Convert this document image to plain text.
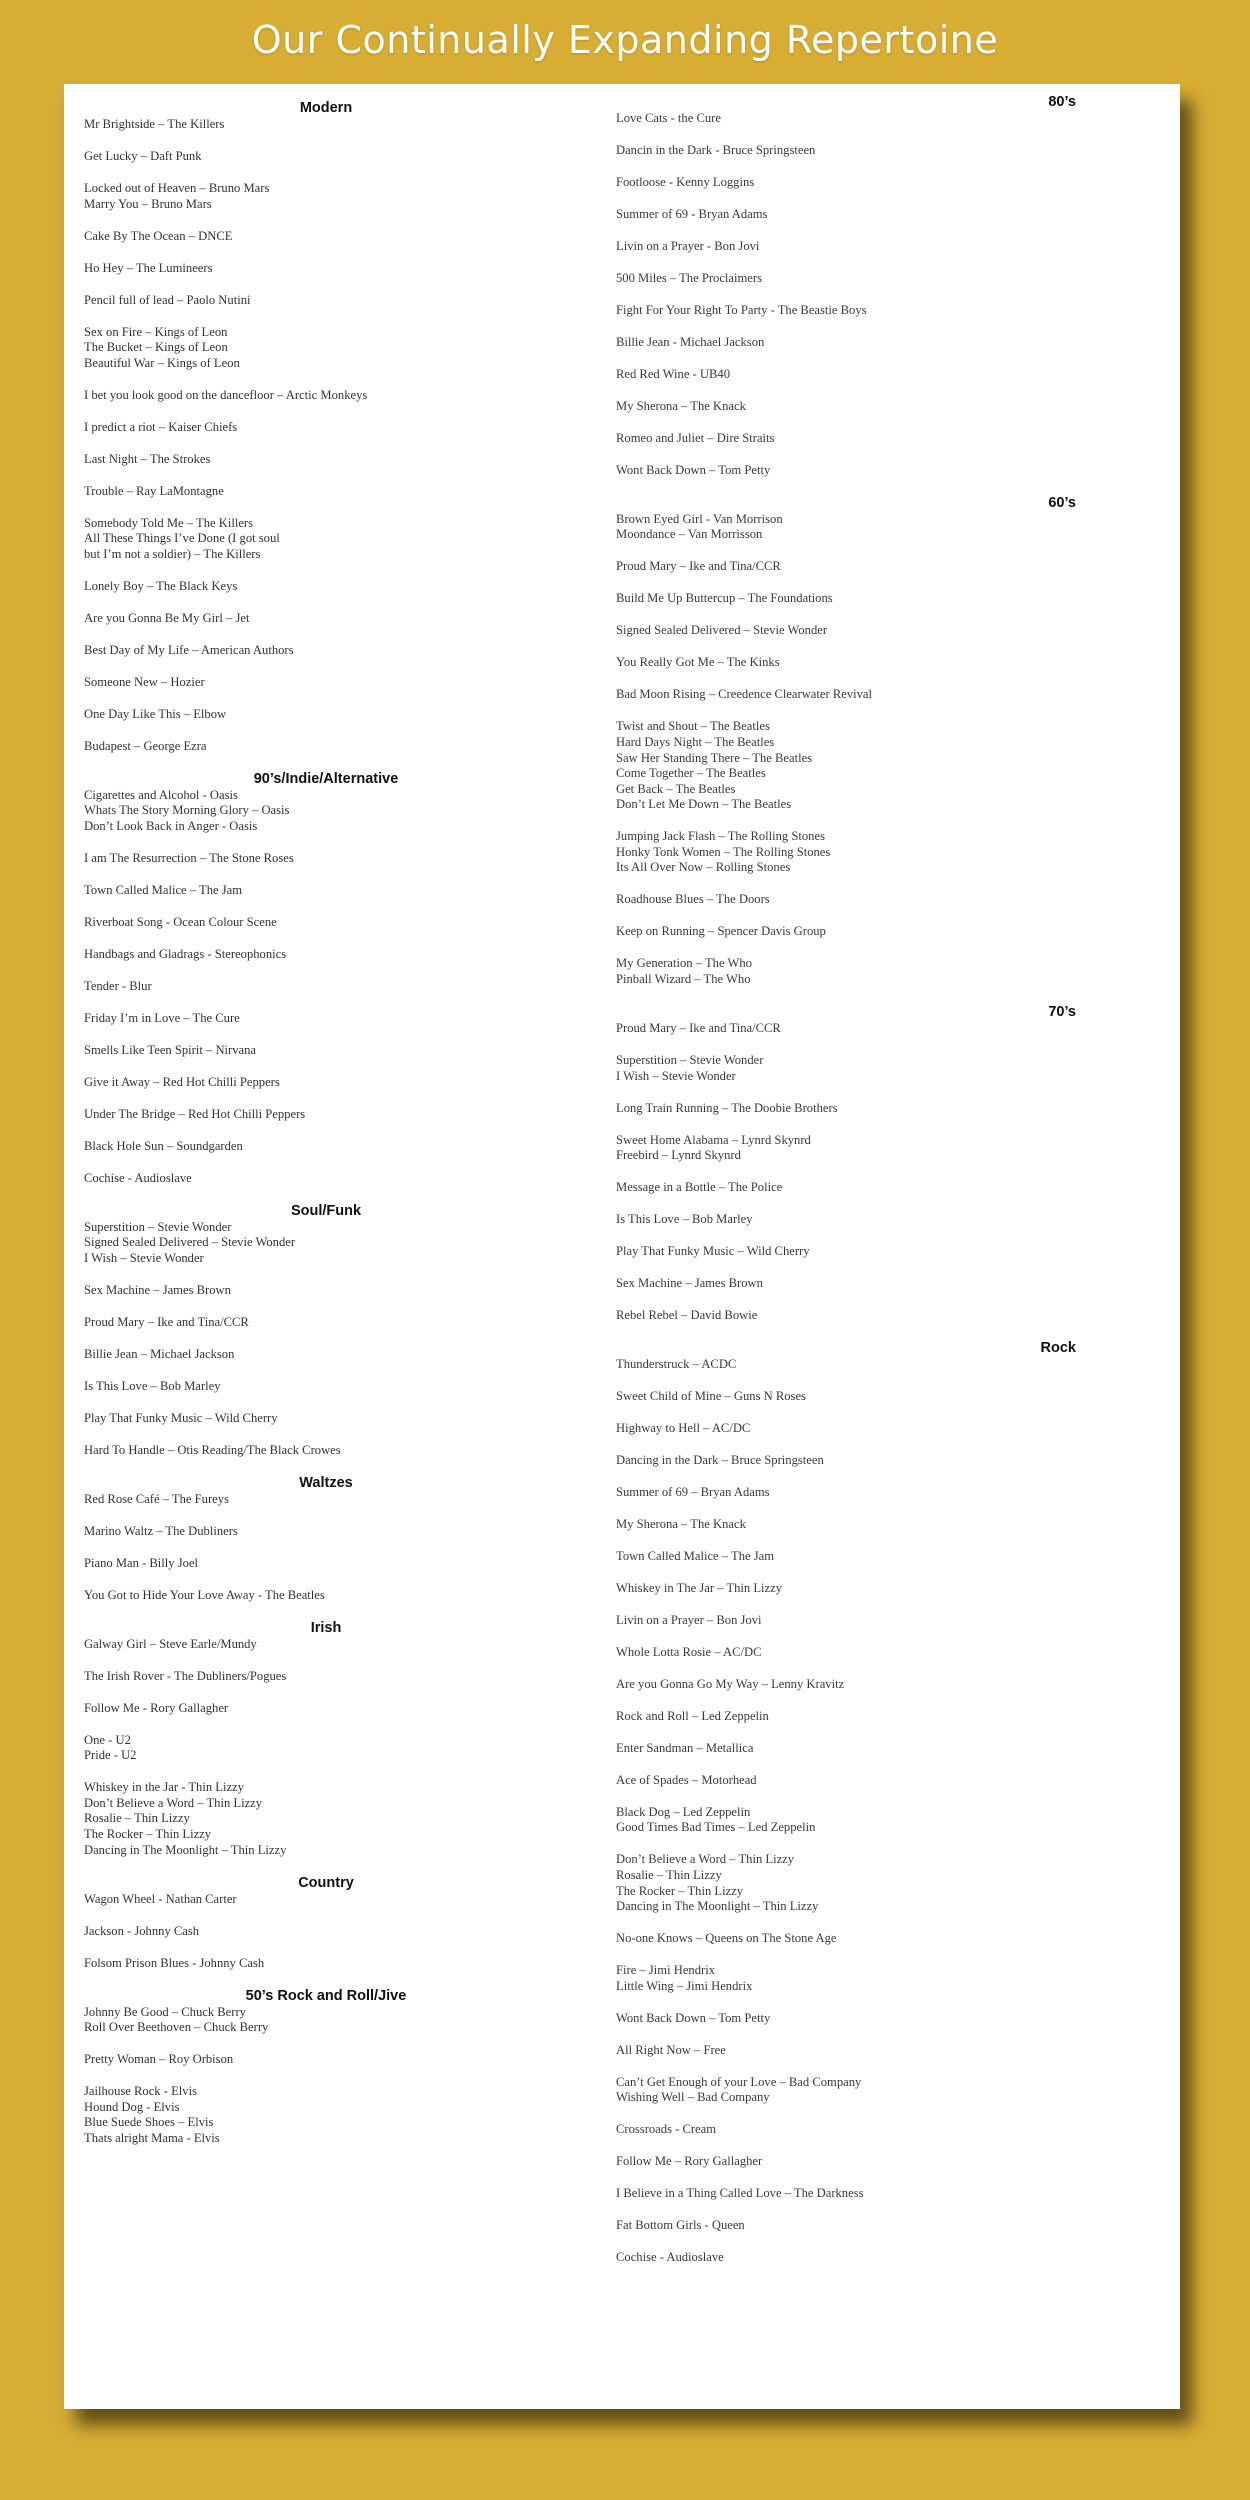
Our Continually Expanding Repertoine
Modern
Mr Brightside – The Killers
Get Lucky – Daft Punk
Locked out of Heaven – Bruno Mars
Marry You – Bruno Mars
Cake By The Ocean – DNCE
Ho Hey – The Lumineers
Pencil full of lead – Paolo Nutini
Sex on Fire – Kings of Leon
The Bucket – Kings of Leon
Beautiful War – Kings of Leon
I bet you look good on the dancefloor – Arctic Monkeys
I predict a riot – Kaiser Chiefs
Last Night – The Strokes
Trouble – Ray LaMontagne
Somebody Told Me – The Killers
All These Things I’ve Done (I got soul
but I’m not a soldier) – The Killers
Lonely Boy – The Black Keys
Are you Gonna Be My Girl – Jet
Best Day of My Life – American Authors
Someone New – Hozier
One Day Like This – Elbow
Budapest – George Ezra
90’s/Indie/Alternative
Cigarettes and Alcohol - Oasis
Whats The Story Morning Glory – Oasis
Don’t Look Back in Anger - Oasis
I am The Resurrection – The Stone Roses
Town Called Malice – The Jam
Riverboat Song - Ocean Colour Scene
Handbags and Gladrags - Stereophonics
Tender - Blur
Friday I’m in Love – The Cure
Smells Like Teen Spirit – Nirvana
Give it Away – Red Hot Chilli Peppers
Under The Bridge – Red Hot Chilli Peppers
Black Hole Sun – Soundgarden
Cochise - Audioslave
Soul/Funk
Superstition – Stevie Wonder
Signed Sealed Delivered – Stevie Wonder
I Wish – Stevie Wonder
Sex Machine – James Brown
Proud Mary – Ike and Tina/CCR
Billie Jean – Michael Jackson
Is This Love – Bob Marley
Play That Funky Music – Wild Cherry
Hard To Handle – Otis Reading/The Black Crowes
Waltzes
Red Rose Café – The Fureys
Marino Waltz – The Dubliners
Piano Man - Billy Joel
You Got to Hide Your Love Away - The Beatles
Irish
Galway Girl – Steve Earle/Mundy
The Irish Rover - The Dubliners/Pogues
Follow Me - Rory Gallagher
One - U2
Pride - U2
Whiskey in the Jar - Thin Lizzy
Don’t Believe a Word – Thin Lizzy
Rosalie – Thin Lizzy
The Rocker – Thin Lizzy
Dancing in The Moonlight – Thin Lizzy
Country
Wagon Wheel - Nathan Carter
Jackson - Johnny Cash
Folsom Prison Blues - Johnny Cash
50’s Rock and Roll/Jive
Johnny Be Good – Chuck Berry
Roll Over Beethoven – Chuck Berry
Pretty Woman – Roy Orbison
Jailhouse Rock - Elvis
Hound Dog - Elvis
Blue Suede Shoes – Elvis
Thats alright Mama - Elvis
80’s
Love Cats - the Cure
Dancin in the Dark - Bruce Springsteen
Footloose - Kenny Loggins
Summer of 69 - Bryan Adams
Livin on a Prayer - Bon Jovi
500 Miles – The Proclaimers
Fight For Your Right To Party - The Beastie Boys
Billie Jean - Michael Jackson
Red Red Wine - UB40
My Sherona – The Knack
Romeo and Juliet – Dire Straits
Wont Back Down – Tom Petty
60’s
Brown Eyed Girl - Van Morrison
Moondance – Van Morrisson
Proud Mary – Ike and Tina/CCR
Build Me Up Buttercup – The Foundations
Signed Sealed Delivered – Stevie Wonder
You Really Got Me – The Kinks
Bad Moon Rising – Creedence Clearwater Revival
Twist and Shout – The Beatles
Hard Days Night – The Beatles
Saw Her Standing There – The Beatles
Come Together – The Beatles
Get Back – The Beatles
Don’t Let Me Down – The Beatles
Jumping Jack Flash – The Rolling Stones
Honky Tonk Women – The Rolling Stones
Its All Over Now – Rolling Stones
Roadhouse Blues – The Doors
Keep on Running – Spencer Davis Group
My Generation – The Who
Pinball Wizard – The Who
70’s
Proud Mary – Ike and Tina/CCR
Superstition – Stevie Wonder
I Wish – Stevie Wonder
Long Train Running – The Doobie Brothers
Sweet Home Alabama – Lynrd Skynrd
Freebird – Lynrd Skynrd
Message in a Bottle – The Police
Is This Love – Bob Marley
Play That Funky Music – Wild Cherry
Sex Machine – James Brown
Rebel Rebel – David Bowie
Rock
Thunderstruck – ACDC
Sweet Child of Mine – Guns N Roses
Highway to Hell – AC/DC
Dancing in the Dark – Bruce Springsteen
Summer of 69 – Bryan Adams
My Sherona – The Knack
Town Called Malice – The Jam
Whiskey in The Jar – Thin Lizzy
Livin on a Prayer – Bon Jovi
Whole Lotta Rosie – AC/DC
Are you Gonna Go My Way – Lenny Kravitz
Rock and Roll – Led Zeppelin
Enter Sandman – Metallica
Ace of Spades – Motorhead
Black Dog – Led Zeppelin
Good Times Bad Times – Led Zeppelin
Don’t Believe a Word – Thin Lizzy
Rosalie – Thin Lizzy
The Rocker – Thin Lizzy
Dancing in The Moonlight – Thin Lizzy
No-one Knows – Queens on The Stone Age
Fire – Jimi Hendrix
Little Wing – Jimi Hendrix
Wont Back Down – Tom Petty
All Right Now – Free
Can’t Get Enough of your Love – Bad Company
Wishing Well – Bad Company
Crossroads - Cream
Follow Me – Rory Gallagher
I Believe in a Thing Called Love – The Darkness
Fat Bottom Girls - Queen
Cochise - Audioslave
